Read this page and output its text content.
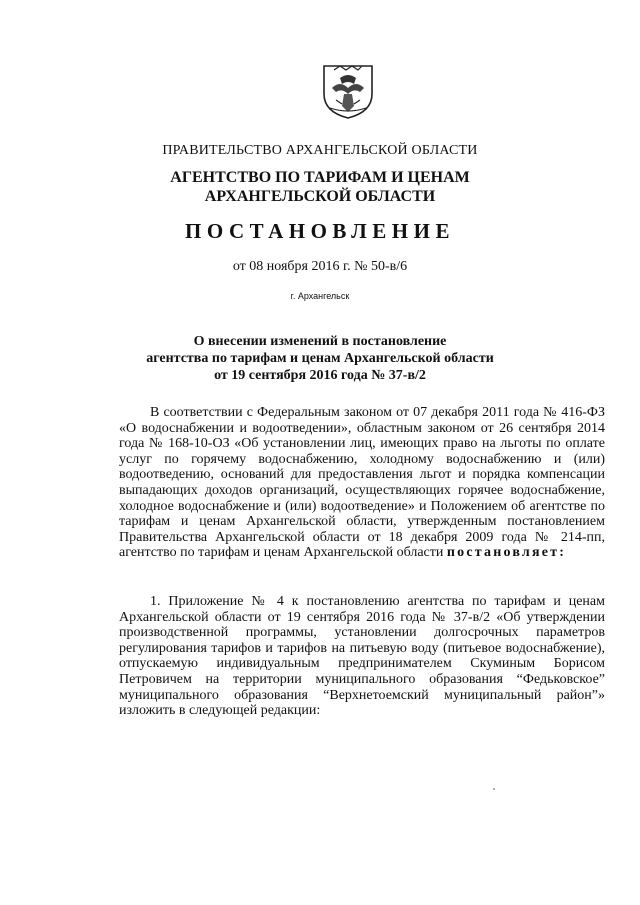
ПРАВИТЕЛЬСТВО АРХАНГЕЛЬСКОЙ ОБЛАСТИ
АГЕНТСТВО ПО ТАРИФАМ И ЦЕНАМ
АРХАНГЕЛЬСКОЙ ОБЛАСТИ
ПОСТАНОВЛЕНИЕ
от 08 ноября 2016 г. № 50-в/6
г. Архангельск
О внесении изменений в постановление
агентства по тарифам и ценам Архангельской области
от 19 сентября 2016 года № 37-в/2
В соответствии с Федеральным законом от 07 декабря 2011 года № 416-ФЗ «О водоснабжении и водоотведении», областным законом от 26 сентября 2014 года № 168-10-ОЗ «Об установлении лиц, имеющих право на льготы по оплате услуг по горячему водоснабжению, холодному водоснабжению и (или) водоотведению, оснований для предоставления льгот и порядка компенсации выпадающих доходов организаций, осуществляющих горячее водоснабжение, холодное водоснабжение и (или) водоотведение» и Положением об агентстве по тарифам и ценам Архангельской области, утвержденным постановлением Правительства Архангельской области от 18 декабря 2009 года № 214-пп, агентство по тарифам и ценам Архангельской области постановляет:
1. Приложение № 4 к постановлению агентства по тарифам и ценам Архангельской области от 19 сентября 2016 года № 37-в/2 «Об утверждении производственной программы, установлении долгосрочных параметров регулирования тарифов и тарифов на питьевую воду (питьевое водоснабжение), отпускаемую индивидуальным предпринимателем Скуминым Борисом Петровичем на территории муниципального образования “Федьковское” муниципального образования “Верхнетоемский муниципальный район”» изложить в следующей редакции:
